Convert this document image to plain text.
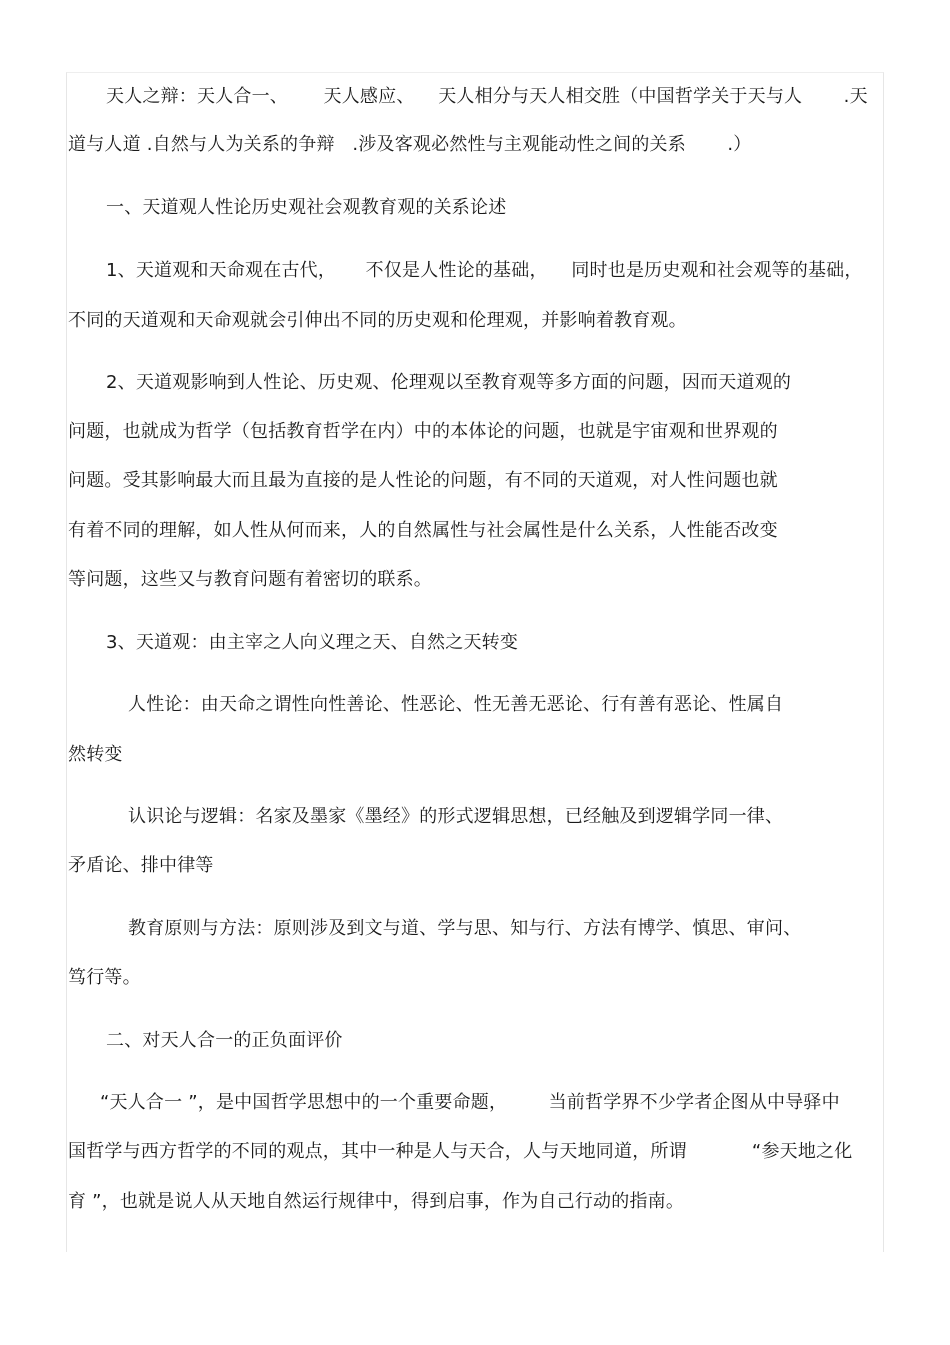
天人之辩：天人合一、      天人感应、    天人相分与天人相交胜（中国哲学关于天与人       .天
道与人道 .自然与人为关系的争辩   .涉及客观必然性与主观能动性之间的关系       .）
一、天道观人性论历史观社会观教育观的关系论述
1、天道观和天命观在古代，     不仅是人性论的基础，    同时也是历史观和社会观等的基础，
不同的天道观和天命观就会引伸出不同的历史观和伦理观，并影响着教育观。
2、天道观影响到人性论、历史观、伦理观以至教育观等多方面的问题，因而天道观的
问题，也就成为哲学（包括教育哲学在内）中的本体论的问题，也就是宇宙观和世界观的
问题。受其影响最大而且最为直接的是人性论的问题，有不同的天道观，对人性问题也就
有着不同的理解，如人性从何而来，人的自然属性与社会属性是什么关系，人性能否改变
等问题，这些又与教育问题有着密切的联系。
3、天道观：由主宰之人向义理之天、自然之天转变
人性论：由天命之谓性向性善论、性恶论、性无善无恶论、行有善有恶论、性属自
然转变
认识论与逻辑：名家及墨家《墨经》的形式逻辑思想，已经触及到逻辑学同一律、
矛盾论、排中律等
教育原则与方法：原则涉及到文与道、学与思、知与行、方法有博学、慎思、审问、
笃行等。
二、对天人合一的正负面评价
“天人合一 ”，是中国哲学思想中的一个重要命题，       当前哲学界不少学者企图从中导驿中
国哲学与西方哲学的不同的观点，其中一种是人与天合，人与天地同道，所谓           “参天地之化
育 ”，也就是说人从天地自然运行规律中，得到启事，作为自己行动的指南。
